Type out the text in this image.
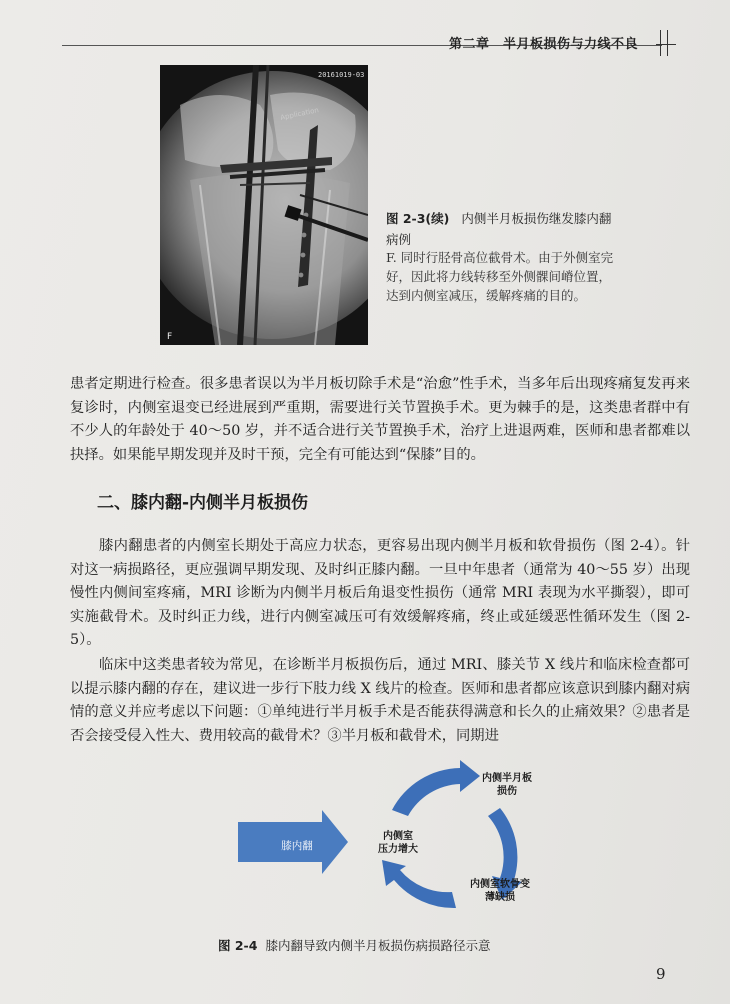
第二章　半月板损伤与力线不良
20161019-03
Application
F
图 2-3(续) 内侧半月板损伤继发膝内翻病例
F. 同时行胫骨高位截骨术。由于外侧室完好，因此将力线转移至外侧髁间嵴位置，达到内侧室减压，缓解疼痛的目的。
患者定期进行检查。很多患者误以为半月板切除手术是“治愈”性手术，当多年后出现疼痛复发再来复诊时，内侧室退变已经进展到严重期，需要进行关节置换手术。更为棘手的是，这类患者群中有不少人的年龄处于 40～50 岁，并不适合进行关节置换手术，治疗上进退两难，医师和患者都难以抉择。如果能早期发现并及时干预，完全有可能达到“保膝”目的。
二、膝内翻-内侧半月板损伤
膝内翻患者的内侧室长期处于高应力状态，更容易出现内侧半月板和软骨损伤（图 2-4）。针对这一病损路径，更应强调早期发现、及时纠正膝内翻。一旦中年患者（通常为 40～55 岁）出现慢性内侧间室疼痛，MRI 诊断为内侧半月板后角退变性损伤（通常 MRI 表现为水平撕裂），即可实施截骨术。及时纠正力线，进行内侧室减压可有效缓解疼痛，终止或延缓恶性循环发生（图 2-5）。
临床中这类患者较为常见，在诊断半月板损伤后，通过 MRI、膝关节 X 线片和临床检查都可以提示膝内翻的存在，建议进一步行下肢力线 X 线片的检查。医师和患者都应该意识到膝内翻对病情的意义并应考虑以下问题：①单纯进行半月板手术是否能获得满意和长久的止痛效果？②患者是否会接受侵入性大、费用较高的截骨术？③半月板和截骨术，同期进
膝内翻
内侧室
压力增大
内侧半月板
损伤
内侧室软骨变
薄缺损
图 2-4 膝内翻导致内侧半月板损伤病损路径示意
9
